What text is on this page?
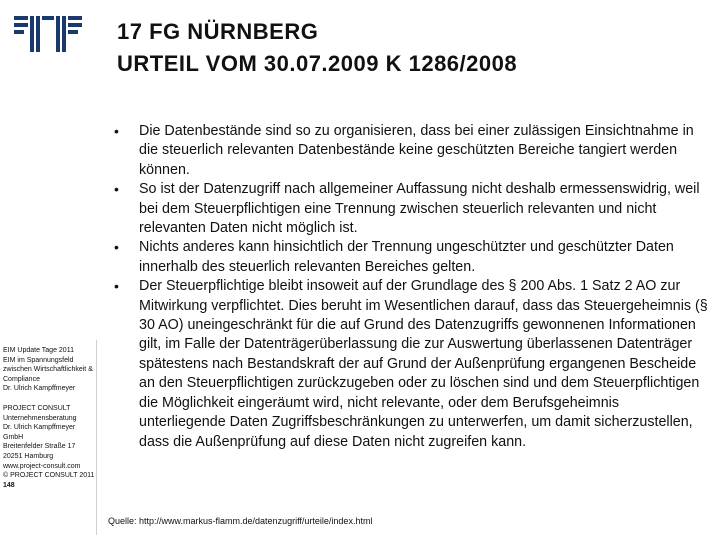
17 FG NÜRNBERG
URTEIL VOM 30.07.2009 K 1286/2008
• Die Datenbestände sind so zu organisieren, dass bei einer zulässigen Einsichtnahme in die steuerlich relevanten Datenbestände keine geschützten Bereiche tangiert werden können.
• So ist der Datenzugriff nach allgemeiner Auffassung nicht deshalb ermessenswidrig, weil bei dem Steuerpflichtigen eine Trennung zwischen steuerlich relevanten und nicht relevanten Daten nicht möglich ist.
• Nichts anderes kann hinsichtlich der Trennung ungeschützter und geschützter Daten innerhalb des steuerlich relevanten Bereiches gelten.
• Der Steuerpflichtige bleibt insoweit auf der Grundlage des § 200 Abs. 1 Satz 2 AO zur Mitwirkung verpflichtet. Dies beruht im Wesentlichen darauf, dass das Steuergeheimnis (§ 30 AO) uneingeschränkt für die auf Grund des Datenzugriffs gewonnenen Informationen gilt, im Falle der Datenträgerüberlassung die zur Auswertung überlassenen Datenträger spätestens nach Bestandskraft der auf Grund der Außenprüfung ergangenen Bescheide an den Steuerpflichtigen zurückzugeben oder zu löschen sind und dem Steuerpflichtigen die Möglichkeit eingeräumt wird, nicht relevante, oder dem Berufsgeheimnis unterliegende Daten Zugriffsbeschränkungen zu unterwerfen, um damit sicherzustellen, dass die Außenprüfung auf diese Daten nicht zugreifen kann.
EIM Update Tage 2011
EIM im Spannungsfeld zwischen Wirtschaftlichkeit & Compliance
Dr. Ulrich Kampffmeyer
PROJECT CONSULT Unternehmensberatung
Dr. Ulrich Kampffmeyer GmbH
Breitenfelder Straße 17
20251 Hamburg
www.project-consult.com
© PROJECT CONSULT 2011
148
Quelle: http://www.markus-flamm.de/datenzugriff/urteile/index.html
